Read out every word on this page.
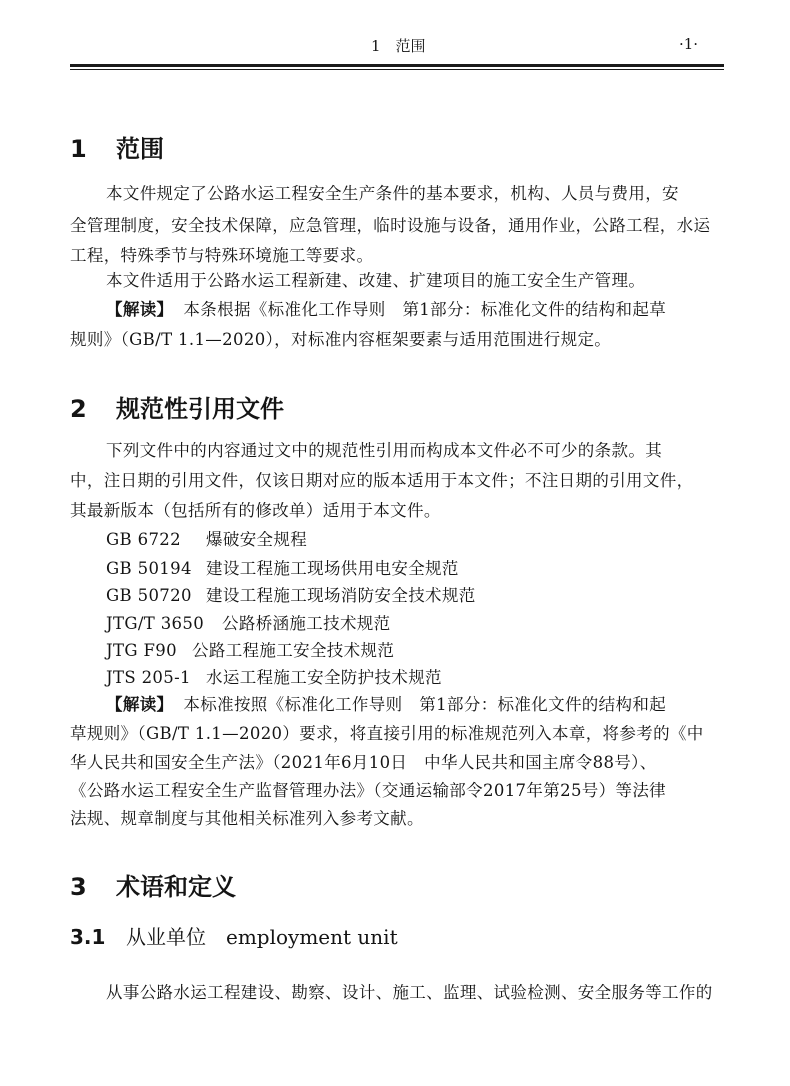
1　范围	·1·
1 范围
本文件规定了公路水运工程安全生产条件的基本要求，机构、人员与费用，安
全管理制度，安全技术保障，应急管理，临时设施与设备，通用作业，公路工程，水运
工程，特殊季节与特殊环境施工等要求。
本文件适用于公路水运工程新建、改建、扩建项目的施工安全生产管理。
【解读】 本条根据《标准化工作导则　第1部分：标准化文件的结构和起草
规则》（GB/T 1.1—2020），对标准内容框架要素与适用范围进行规定。
2 规范性引用文件
下列文件中的内容通过文中的规范性引用而构成本文件必不可少的条款。其
中，注日期的引用文件，仅该日期对应的版本适用于本文件；不注日期的引用文件，
其最新版本（包括所有的修改单）适用于本文件。
GB 6722 爆破安全规程
GB 50194 建设工程施工现场供用电安全规范
GB 50720 建设工程施工现场消防安全技术规范
JTG/T 3650 公路桥涵施工技术规范
JTG F90 公路工程施工安全技术规范
JTS 205-1 水运工程施工安全防护技术规范
【解读】 本标准按照《标准化工作导则　第1部分：标准化文件的结构和起
草规则》（GB/T 1.1—2020）要求，将直接引用的标准规范列入本章，将参考的《中
华人民共和国安全生产法》（2021年6月10日　中华人民共和国主席令88号）、
《公路水运工程安全生产监督管理办法》（交通运输部令2017年第25号）等法律
法规、规章制度与其他相关标准列入参考文献。
3 术语和定义
3.1 从业单位　employment unit
从事公路水运工程建设、勘察、设计、施工、监理、试验检测、安全服务等工作的
